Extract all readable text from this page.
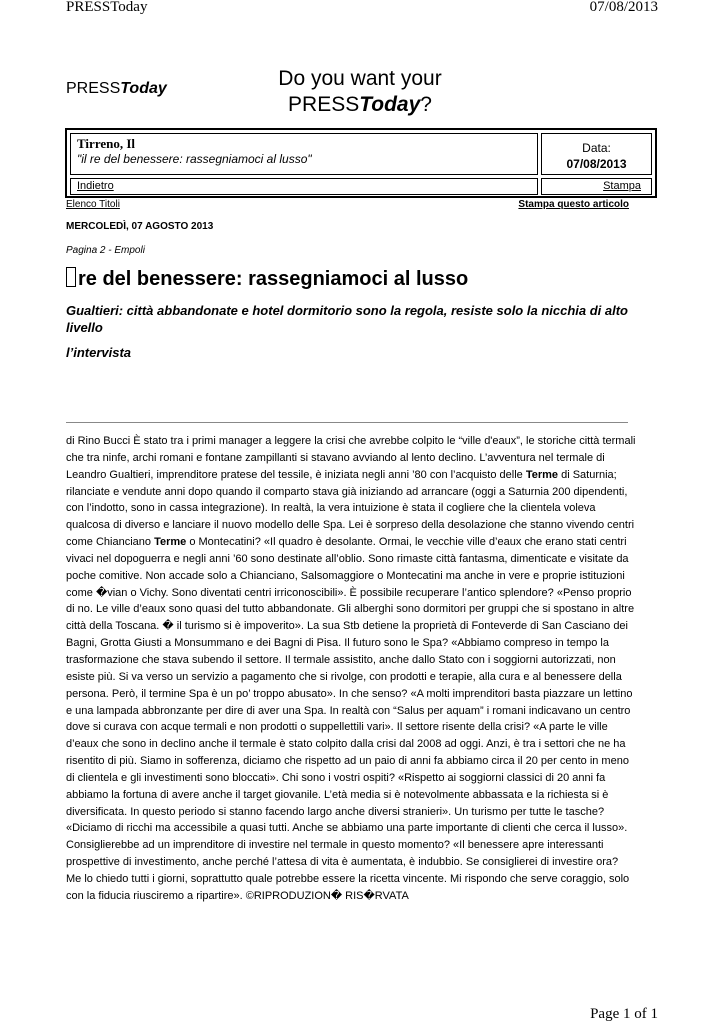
PRESSToday	07/08/2013
PRESSToday	Do you want your
PRESSToday?
Tirreno, Il
"il re del benessere: rassegniamoci al lusso"
Data:
07/08/2013
Indietro	Stampa
Elenco Titoli	Stampa questo articolo
MERCOLEDÌ, 07 AGOSTO 2013
Pagina 2 - Empoli
re del benessere: rassegniamoci al lusso
Gualtieri: città abbandonate e hotel dormitorio sono la regola, resiste solo la nicchia di alto livello
l’intervista
di Rino Bucci È stato tra i primi manager a leggere la crisi che avrebbe colpito le “ville d'eaux”, le storiche città termali che tra ninfe, archi romani e fontane zampillanti si stavano avviando al lento declino. L’avventura nel termale di Leandro Gualtieri, imprenditore pratese del tessile, è iniziata negli anni ’80 con l’acquisto delle Terme di Saturnia; rilanciate e vendute anni dopo quando il comparto stava già iniziando ad arrancare (oggi a Saturnia 200 dipendenti, con l’indotto, sono in cassa integrazione). In realtà, la vera intuizione è stata il cogliere che la clientela voleva qualcosa di diverso e lanciare il nuovo modello delle Spa. Lei è sorpreso della desolazione che stanno vivendo centri come Chianciano Terme o Montecatini? «Il quadro è desolante. Ormai, le vecchie ville d’eaux che erano stati centri vivaci nel dopoguerra e negli anni ’60 sono destinate all’oblio. Sono rimaste città fantasma, dimenticate e visitate da poche comitive. Non accade solo a Chianciano, Salsomaggiore o Montecatini ma anche in vere e proprie istituzioni come �vian o Vichy. Sono diventati centri irriconoscibili». È possibile recuperare l’antico splendore? «Penso proprio di no. Le ville d’eaux sono quasi del tutto abbandonate. Gli alberghi sono dormitori per gruppi che si spostano in altre città della Toscana. � il turismo si è impoverito». La sua Stb detiene la proprietà di Fonteverde di San Casciano dei Bagni, Grotta Giusti a Monsummano e dei Bagni di Pisa. Il futuro sono le Spa? «Abbiamo compreso in tempo la trasformazione che stava subendo il settore. Il termale assistito, anche dallo Stato con i soggiorni autorizzati, non esiste più. Si va verso un servizio a pagamento che si rivolge, con prodotti e terapie, alla cura e al benessere della persona. Però, il termine Spa è un po’ troppo abusato». In che senso? «A molti imprenditori basta piazzare un lettino e una lampada abbronzante per dire di aver una Spa. In realtà con “Salus per aquam” i romani indicavano un centro dove si curava con acque termali e non prodotti o suppellettili vari». Il settore risente della crisi? «A parte le ville d’eaux che sono in declino anche il termale è stato colpito dalla crisi dal 2008 ad oggi. Anzi, è tra i settori che ne ha risentito di più. Siamo in sofferenza, diciamo che rispetto ad un paio di anni fa abbiamo circa il 20 per cento in meno di clientela e gli investimenti sono bloccati». Chi sono i vostri ospiti? «Rispetto ai soggiorni classici di 20 anni fa abbiamo la fortuna di avere anche il target giovanile. L’età media si è notevolmente abbassata e la richiesta si è diversificata. In questo periodo si stanno facendo largo anche diversi stranieri». Un turismo per tutte le tasche? «Diciamo di ricchi ma accessibile a quasi tutti. Anche se abbiamo una parte importante di clienti che cerca il lusso». Consiglierebbe ad un imprenditore di investire nel termale in questo momento? «Il benessere apre interessanti prospettive di investimento, anche perché l’attesa di vita è aumentata, è indubbio. Se consiglierei di investire ora? Me lo chiedo tutti i giorni, soprattutto quale potrebbe essere la ricetta vincente. Mi rispondo che serve coraggio, solo con la fiducia riusciremo a ripartire». ©RIPRODUZION� RIS�RVATA
Page 1 of 1
